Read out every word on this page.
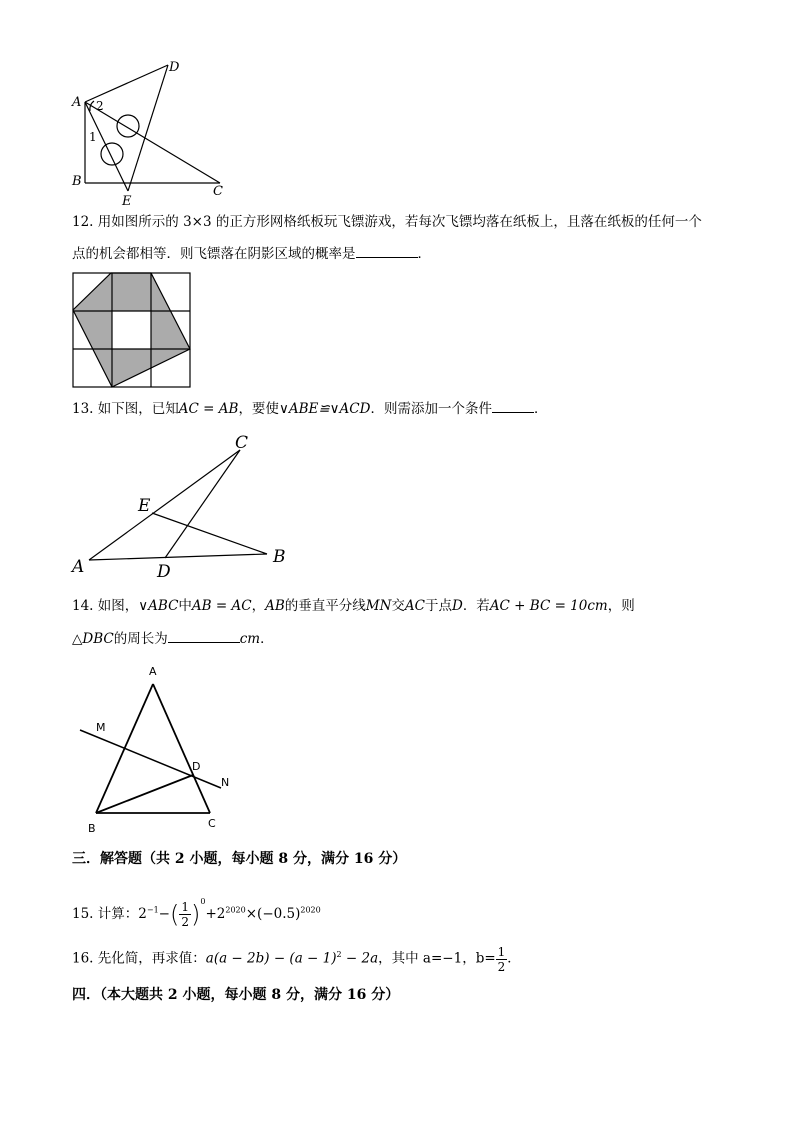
A
D
B
E
C
1
2
12. 用如图所示的 3×3 的正方形网格纸板玩飞镖游戏，若每次飞镖均落在纸板上，且落在纸板的任何一个
点的机会都相等．则飞镖落在阴影区域的概率是	．
13. 如下图，已知AC = AB，要使∨ABE≌∨ACD．则需添加一个条件	．
C
E
A	D
B
14. 如图，∨ABC中AB = AC，AB的垂直平分线MN交AC于点D．若AC + BC = 10cm，则
△DBC的周长为	cm．
A
M
D
N
B	C
三．解答题（共 2 小题，每小题 8 分，满分 16 分）
15. 计算：$2^{-1}-( \frac{1}{2} )^0+2^{2020}\times(-0.5)^{2020}$
16. 先化简，再求值：$a(a - 2b) - (a - 1)^2 - 2a$，其中 a=−1，$b= \frac{1}{2}$ ．
四．（本大题共 2 小题，每小题 8 分，满分 16 分）
